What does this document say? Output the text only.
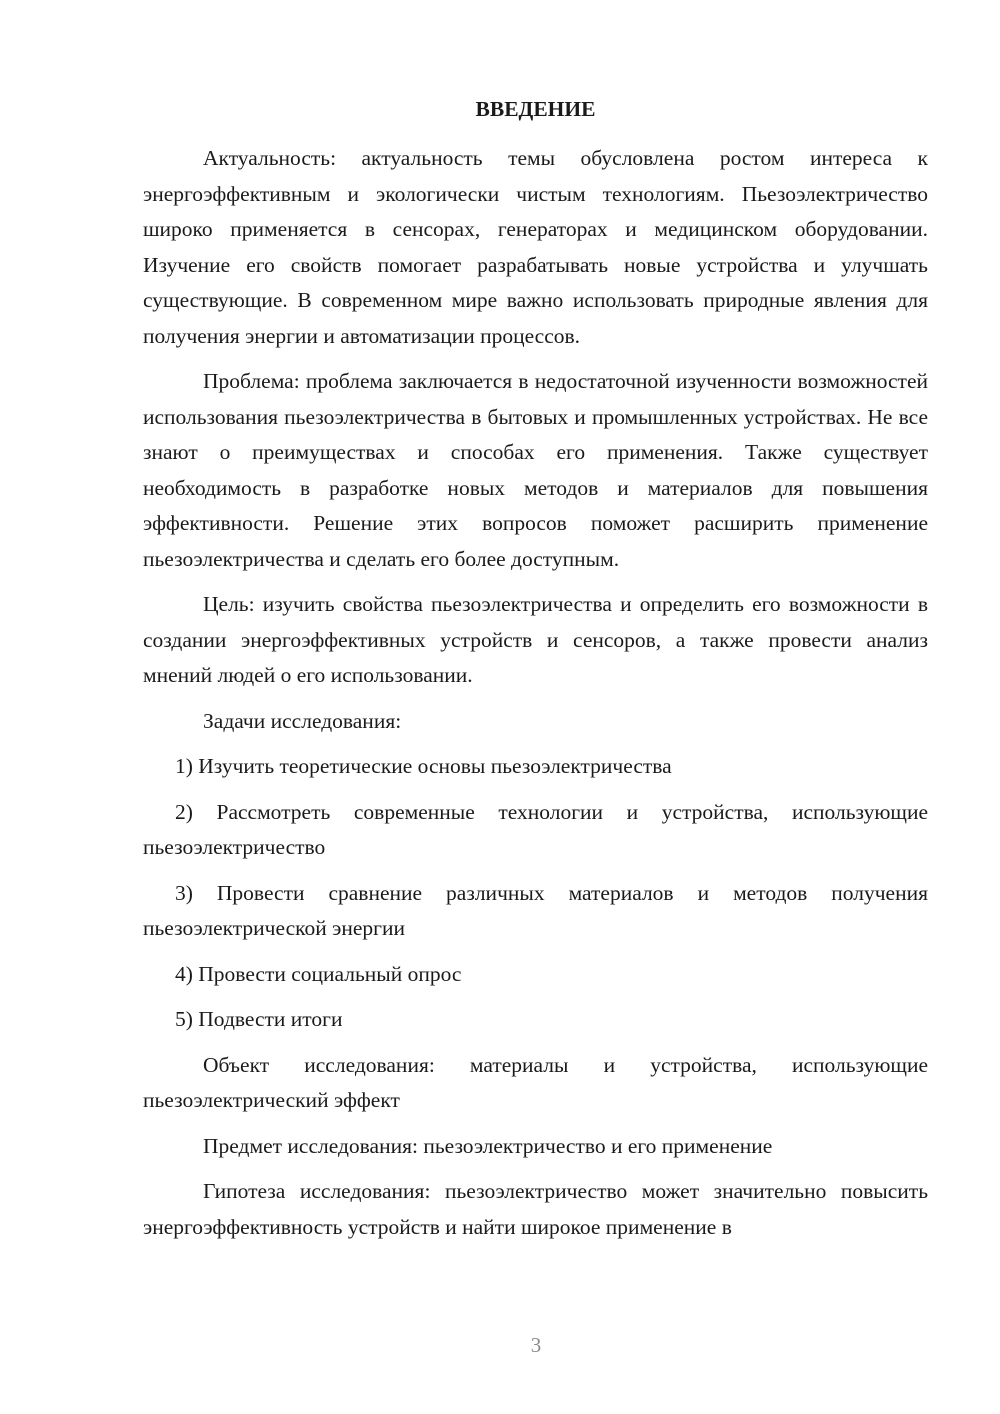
ВВЕДЕНИЕ

Актуальность: актуальность темы обусловлена ростом интереса к энергоэффективным и экологически чистым технологиям. Пьезоэлектричество широко применяется в сенсорах, генераторах и медицинском оборудовании. Изучение его свойств помогает разрабатывать новые устройства и улучшать существующие. В современном мире важно использовать природные явления для получения энергии и автоматизации процессов.

Проблема: проблема заключается в недостаточной изученности возможностей использования пьезоэлектричества в бытовых и промышленных устройствах. Не все знают о преимуществах и способах его применения. Также существует необходимость в разработке новых методов и материалов для повышения эффективности. Решение этих вопросов поможет расширить применение пьезоэлектричества и сделать его более доступным.

Цель: изучить свойства пьезоэлектричества и определить его возможности в создании энергоэффективных устройств и сенсоров, а также провести анализ мнений людей о его использовании.

Задачи исследования:

1) Изучить теоретические основы пьезоэлектричества

2) Рассмотреть современные технологии и устройства, использующие пьезоэлектричество

3) Провести сравнение различных материалов и методов получения пьезоэлектрической энергии

4) Провести социальный опрос

5) Подвести итоги

Объект исследования: материалы и устройства, использующие пьезоэлектрический эффект

Предмет исследования: пьезоэлектричество и его применение

Гипотеза исследования: пьезоэлектричество может значительно повысить энергоэффективность устройств и найти широкое применение в

3
